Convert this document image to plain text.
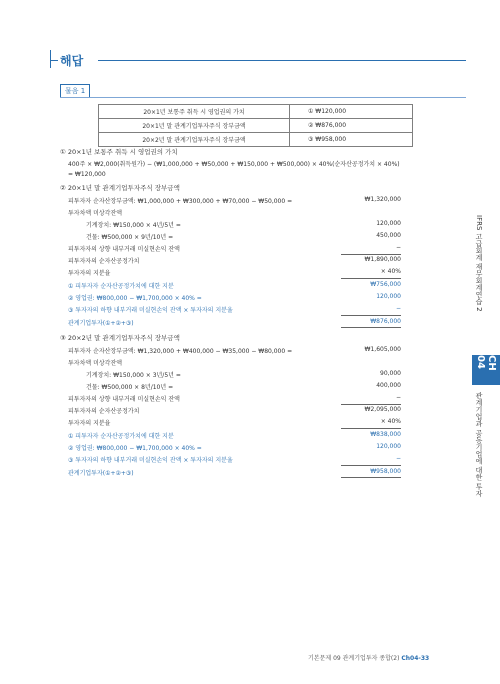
해답
물음 1
20×1년 보통주 취득 시 영업권의 가치	① ₩120,000
20×1년 말 관계기업투자주식 장부금액	② ₩876,000
20×2년 말 관계기업투자주식 장부금액	③ ₩958,000
① 20×1년 보통주 취득 시 영업권의 가치
400주 × ₩2,000(취득원가) − (₩1,000,000 + ₩50,000 + ₩150,000 + ₩500,000) × 40%(순자산공정가치 × 40%)
= ₩120,000
② 20×1년 말 관계기업투자주식 장부금액
피투자자 순자산장부금액: ₩1,000,000 + ₩300,000 + ₩70,000 − ₩50,000 =	₩1,320,000
투자차액 미상각잔액
기계장치: ₩150,000 × 4년/5년 =	120,000
건물: ₩500,000 × 9년/10년 =	450,000
피투자자의 상향 내부거래 미실현손익 잔액	−
피투자자의 순자산공정가치	₩1,890,000
투자자의 지분율	× 40%
① 피투자자 순자산공정가치에 대한 지분	₩756,000
② 영업권: ₩800,000 − ₩1,700,000 × 40% =	120,000
③ 투자자의 하향 내부거래 미실현손익 잔액 × 투자자의 지분율	−
관계기업투자(①+②+③)	₩876,000
③ 20×2년 말 관계기업투자주식 장부금액
피투자자 순자산장부금액: ₩1,320,000 + ₩400,000 − ₩35,000 − ₩80,000 =	₩1,605,000
투자차액 미상각잔액
기계장치: ₩150,000 × 3년/5년 =	90,000
건물: ₩500,000 × 8년/10년 =	400,000
피투자자의 상향 내부거래 미실현손익 잔액	−
피투자자의 순자산공정가치	₩2,095,000
투자자의 지분율	× 40%
① 피투자자 순자산공정가치에 대한 지분	₩838,000
② 영업권: ₩800,000 − ₩1,700,000 × 40% =	120,000
③ 투자자의 하향 내부거래 미실현손익 잔액 × 투자자의 지분율	−
관계기업투자(①+②+③)	₩958,000
IFRS 고급회계 재무회계연습 2
CH 04
관계기업과 공동기업에 대한 투자
기본문제 09 관계기업투자 종합(2) Ch04-33
